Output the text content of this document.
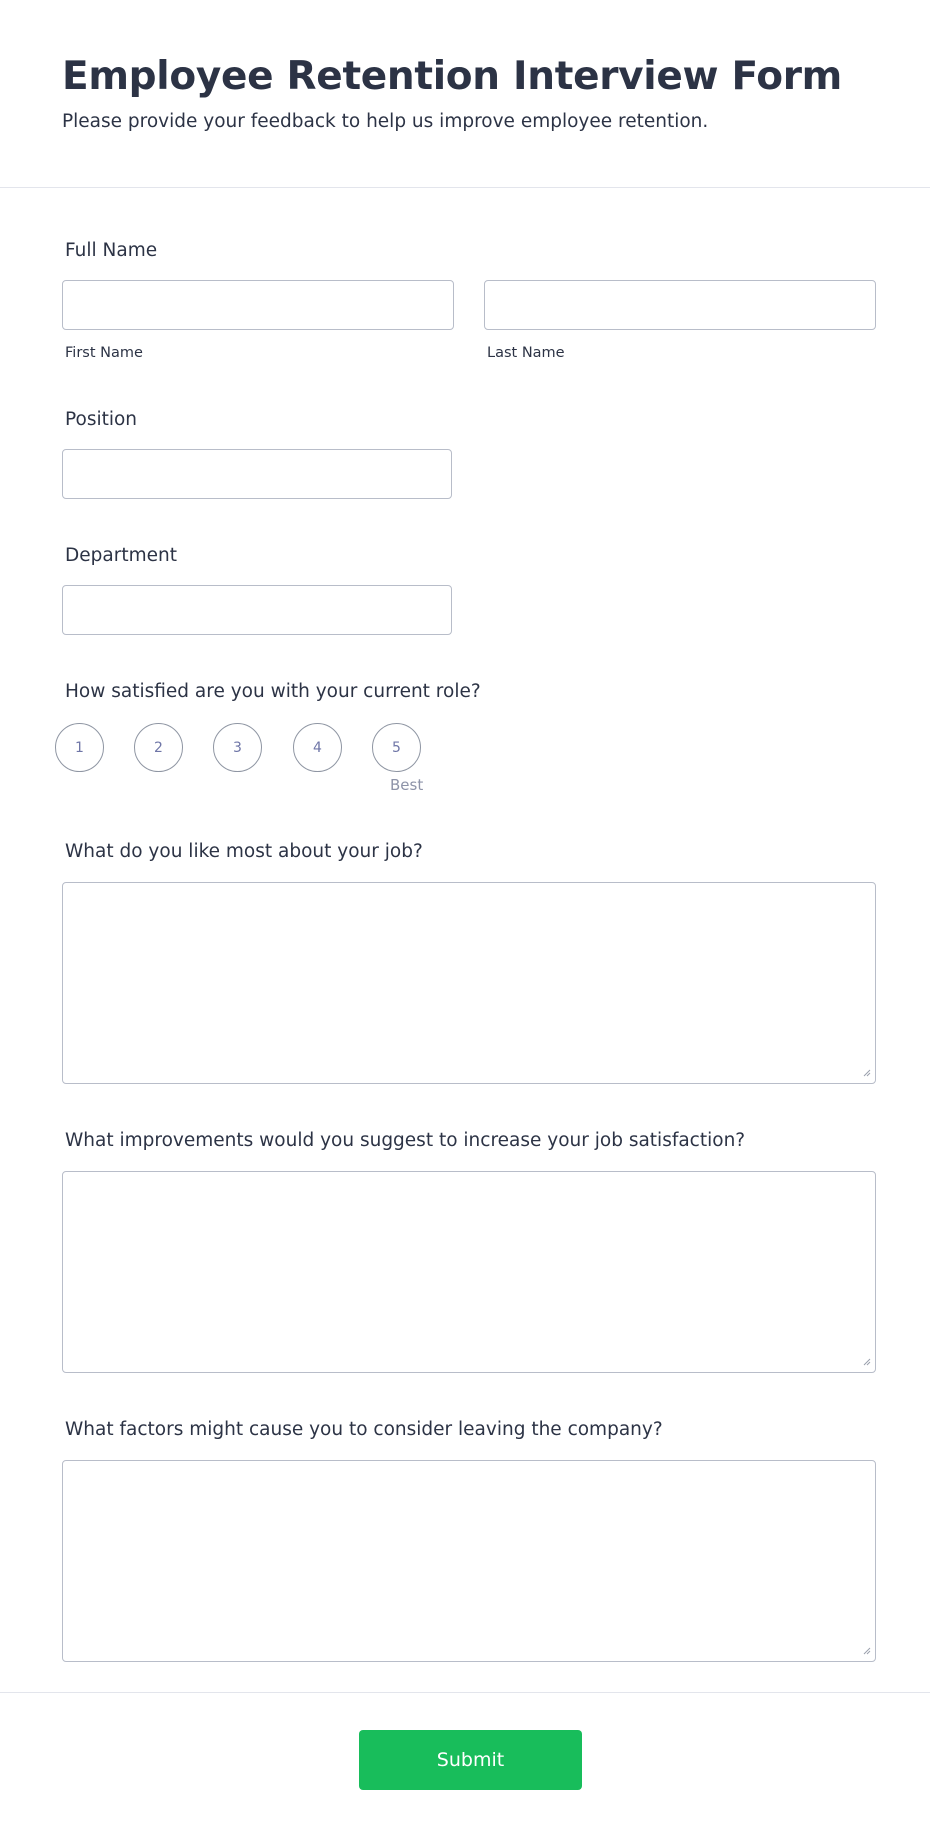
Employee Retention Interview Form

Please provide your feedback to help us improve employee retention.

Full Name
First Name	Last Name
Position
Department
How satisfied are you with your current role?
1	2	3	4	5
Best
What do you like most about your job?
What improvements would you suggest to increase your job satisfaction?
What factors might cause you to consider leaving the company?
Submit
